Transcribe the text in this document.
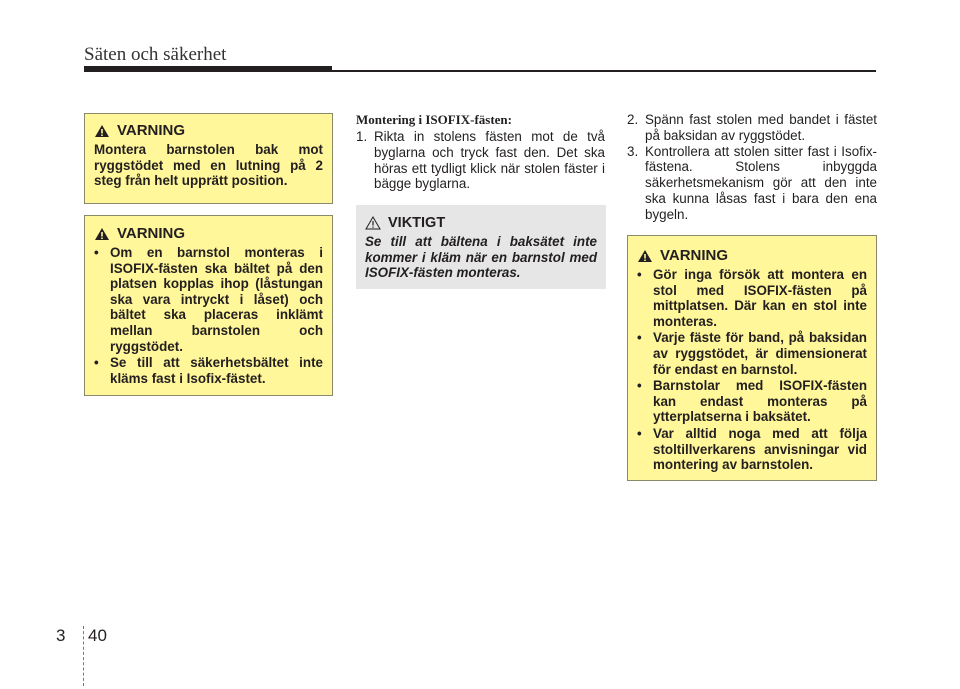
Säten och säkerhet
VARNING
Montera barnstolen bak mot ryggstödet med en lutning på 2 steg från helt upprätt position.
VARNING
• Om en barnstol monteras i ISOFIX-fästen ska bältet på den platsen kopplas ihop (låstungan ska vara intryckt i låset) och bältet ska placeras inklämt mellan barnstolen och ryggstödet.
• Se till att säkerhetsbältet inte kläms fast i Isofix-fästet.
Montering i ISOFIX-fästen:
1. Rikta in stolens fästen mot de två byglarna och tryck fast den. Det ska höras ett tydligt klick när stolen fäster i bägge byglarna.
VIKTIGT
Se till att bältena i baksätet inte kommer i kläm när en barnstol med ISOFIX-fästen monteras.
2. Spänn fast stolen med bandet i fästet på baksidan av ryggstödet.
3. Kontrollera att stolen sitter fast i Isofix-fästena. Stolens inbyggda säkerhetsmekanism gör att den inte ska kunna låsas fast i bara den ena bygeln.
VARNING
• Gör inga försök att montera en stol med ISOFIX-fästen på mittplatsen. Där kan en stol inte monteras.
• Varje fäste för band, på baksidan av ryggstödet, är dimensionerat för endast en barnstol.
• Barnstolar med ISOFIX-fästen kan endast monteras på ytterplatserna i baksätet.
• Var alltid noga med att följa stoltillverkarens anvisningar vid montering av barnstolen.
3 40
